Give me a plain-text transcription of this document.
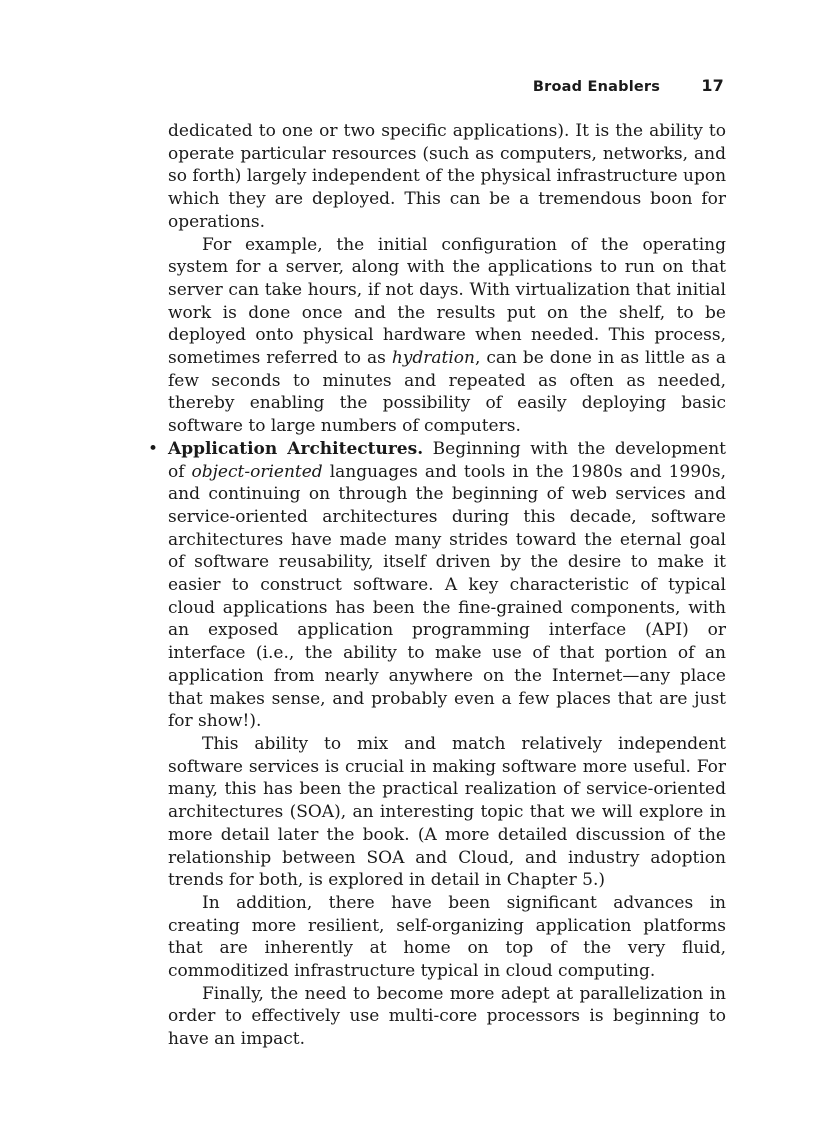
Broad Enablers	17

dedicated to one or two specific applications). It is the ability to operate particular resources (such as computers, networks, and so forth) largely independent of the physical infrastructure upon which they are deployed. This can be a tremendous boon for operations.

For example, the initial configuration of the operating system for a server, along with the applications to run on that server can take hours, if not days. With virtualization that initial work is done once and the results put on the shelf, to be deployed onto physical hardware when needed. This process, sometimes referred to as hydration, can be done in as little as a few seconds to minutes and repeated as often as needed, thereby enabling the possibility of easily deploying basic software to large numbers of computers.

• Application Architectures. Beginning with the development of object-oriented languages and tools in the 1980s and 1990s, and continuing on through the beginning of web services and service-oriented architectures during this decade, software architectures have made many strides toward the eternal goal of software reusability, itself driven by the desire to make it easier to construct software. A key characteristic of typical cloud applications has been the fine-grained components, with an exposed application programming interface (API) or interface (i.e., the ability to make use of that portion of an application from nearly anywhere on the Internet—any place that makes sense, and probably even a few places that are just for show!).

This ability to mix and match relatively independent software services is crucial in making software more useful. For many, this has been the practical realization of service-oriented architectures (SOA), an interesting topic that we will explore in more detail later the book. (A more detailed discussion of the relationship between SOA and Cloud, and industry adoption trends for both, is explored in detail in Chapter 5.)

In addition, there have been significant advances in creating more resilient, self-organizing application platforms that are inherently at home on top of the very fluid, commoditized infrastructure typical in cloud computing.

Finally, the need to become more adept at parallelization in order to effectively use multi-core processors is beginning to have an impact.
